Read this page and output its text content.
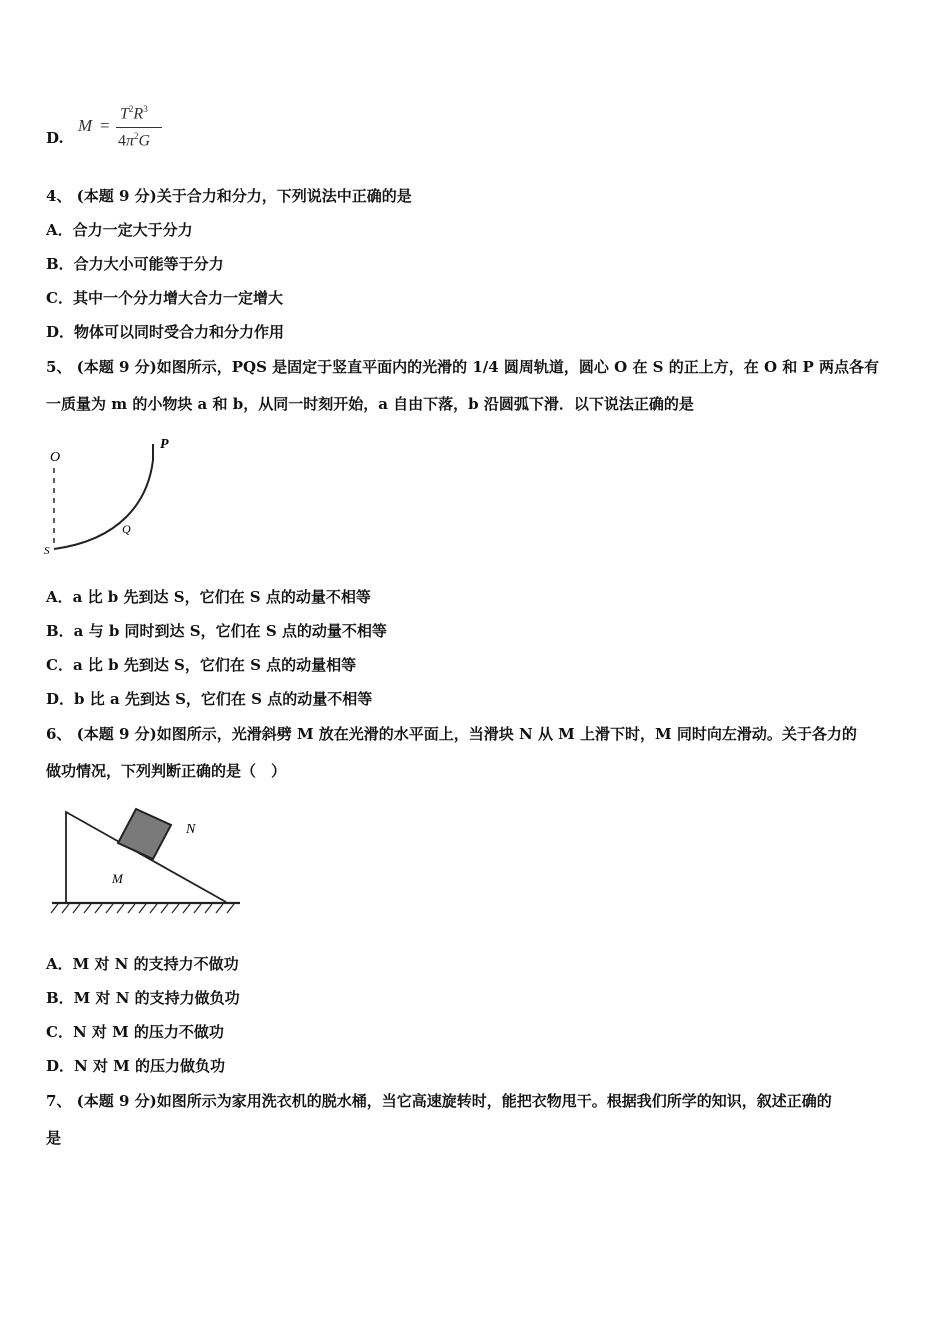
D.
M =
$T^2R^3$
$4\pi^2G$
4、 (本题 9 分)关于合力和分力，下列说法中正确的是
A．合力一定大于分力
B．合力大小可能等于分力
C．其中一个分力增大合力一定增大
D．物体可以同时受合力和分力作用
5、 (本题 9 分)如图所示，PQS 是固定于竖直平面内的光滑的 1/4 圆周轨道，圆心 O 在 S 的正上方，在 O 和 P 两点各有
一质量为 m 的小物块 a 和 b，从同一时刻开始，a 自由下落，b 沿圆弧下滑．以下说法正确的是
O
P
Q
S
A．a 比 b 先到达 S，它们在 S 点的动量不相等
B．a 与 b 同时到达 S，它们在 S 点的动量不相等
C．a 比 b 先到达 S，它们在 S 点的动量相等
D．b 比 a 先到达 S，它们在 S 点的动量不相等
6、 (本题 9 分)如图所示，光滑斜劈 M 放在光滑的水平面上，当滑块 N 从 M 上滑下时，M 同时向左滑动。关于各力的
做功情况，下列判断正确的是（　）
N
M
A．M 对 N 的支持力不做功
B．M 对 N 的支持力做负功
C．N 对 M 的压力不做功
D．N 对 M 的压力做负功
7、 (本题 9 分)如图所示为家用洗衣机的脱水桶，当它高速旋转时，能把衣物甩干。根据我们所学的知识，叙述正确的
是
